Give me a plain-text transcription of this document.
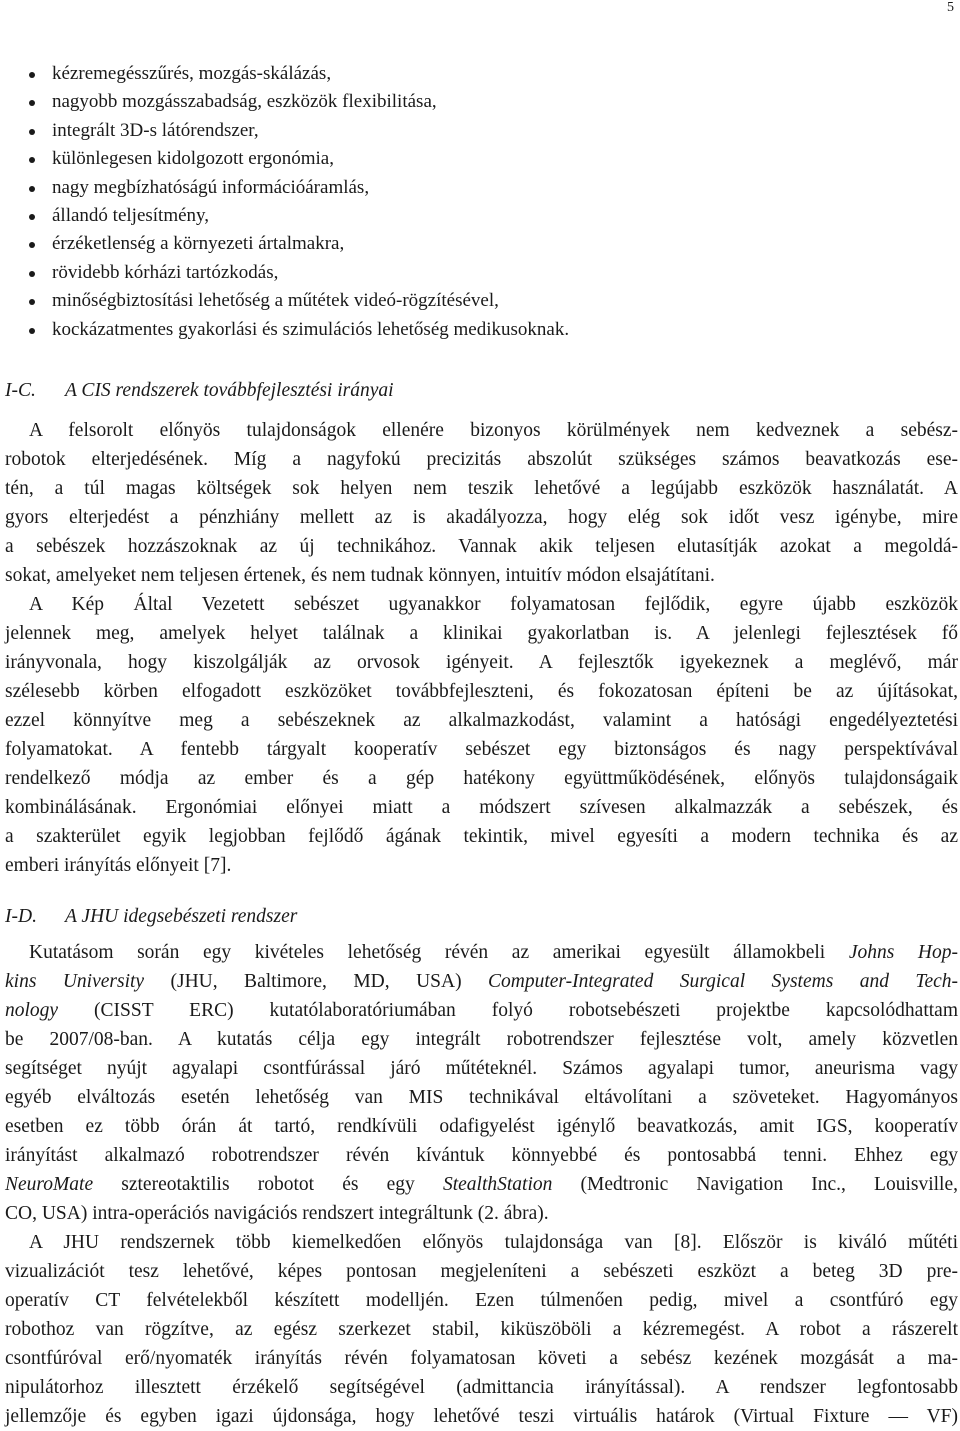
5
kézremegésszűrés, mozgás-skálázás,
nagyobb mozgásszabadság, eszközök flexibilitása,
integrált 3D-s látórendszer,
különlegesen kidolgozott ergonómia,
nagy megbízhatóságú információáramlás,
állandó teljesítmény,
érzéketlenség a környezeti ártalmakra,
rövidebb kórházi tartózkodás,
minőségbiztosítási lehetőség a műtétek videó-rögzítésével,
kockázatmentes gyakorlási és szimulációs lehetőség medikusoknak.
I-C. A CIS rendszerek továbbfejlesztési irányai
A felsorolt előnyös tulajdonságok ellenére bizonyos körülmények nem kedveznek a sebész-
robotok elterjedésének. Míg a nagyfokú precizitás abszolút szükséges számos beavatkozás ese-
tén, a túl magas költségek sok helyen nem teszik lehetővé a legújabb eszközök használatát. A
gyors elterjedést a pénzhiány mellett az is akadályozza, hogy elég sok időt vesz igénybe, mire
a sebészek hozzászoknak az új technikához. Vannak akik teljesen elutasítják azokat a megoldá-
sokat, amelyeket nem teljesen értenek, és nem tudnak könnyen, intuitív módon elsajátítani.
A Kép Által Vezetett sebészet ugyanakkor folyamatosan fejlődik, egyre újabb eszközök
jelennek meg, amelyek helyet találnak a klinikai gyakorlatban is. A jelenlegi fejlesztések fő
irányvonala, hogy kiszolgálják az orvosok igényeit. A fejlesztők igyekeznek a meglévő, már
szélesebb körben elfogadott eszközöket továbbfejleszteni, és fokozatosan építeni be az újításokat,
ezzel könnyítve meg a sebészeknek az alkalmazkodást, valamint a hatósági engedélyeztetési
folyamatokat. A fentebb tárgyalt kooperatív sebészet egy biztonságos és nagy perspektívával
rendelkező módja az ember és a gép hatékony együttműködésének, előnyös tulajdonságaik
kombinálásának. Ergonómiai előnyei miatt a módszert szívesen alkalmazzák a sebészek, és
a szakterület egyik legjobban fejlődő ágának tekintik, mivel egyesíti a modern technika és az
emberi irányítás előnyeit [7].
I-D. A JHU idegsebészeti rendszer
Kutatásom során egy kivételes lehetőség révén az amerikai egyesült államokbeli Johns Hop-
kins University (JHU, Baltimore, MD, USA) Computer-Integrated Surgical Systems and Tech-
nology (CISST ERC) kutatólaboratóriumában folyó robotsebészeti projektbe kapcsolódhattam
be 2007/08-ban. A kutatás célja egy integrált robotrendszer fejlesztése volt, amely közvetlen
segítséget nyújt agyalapi csontfúrással járó műtéteknél. Számos agyalapi tumor, aneurisma vagy
egyéb elváltozás esetén lehetőség van MIS technikával eltávolítani a szöveteket. Hagyományos
esetben ez több órán át tartó, rendkívüli odafigyelést igénylő beavatkozás, amit IGS, kooperatív
irányítást alkalmazó robotrendszer révén kívántuk könnyebbé és pontosabbá tenni. Ehhez egy
NeuroMate sztereotaktilis robotot és egy StealthStation (Medtronic Navigation Inc., Louisville,
CO, USA) intra-operációs navigációs rendszert integráltunk (2. ábra).
A JHU rendszernek több kiemelkedően előnyös tulajdonsága van [8]. Először is kiváló műtéti
vizualizációt tesz lehetővé, képes pontosan megjeleníteni a sebészeti eszközt a beteg 3D pre-
operatív CT felvételekből készített modelljén. Ezen túlmenően pedig, mivel a csontfúró egy
robothoz van rögzítve, az egész szerkezet stabil, kiküszöböli a kézremegést. A robot a rászerelt
csontfúróval erő/nyomaték irányítás révén folyamatosan követi a sebész kezének mozgását a ma-
nipulátorhoz illesztett érzékelő segítségével (admittancia irányítással). A rendszer legfontosabb
jellemzője és egyben igazi újdonsága, hogy lehetővé teszi virtuális határok (Virtual Fixture — VF)
